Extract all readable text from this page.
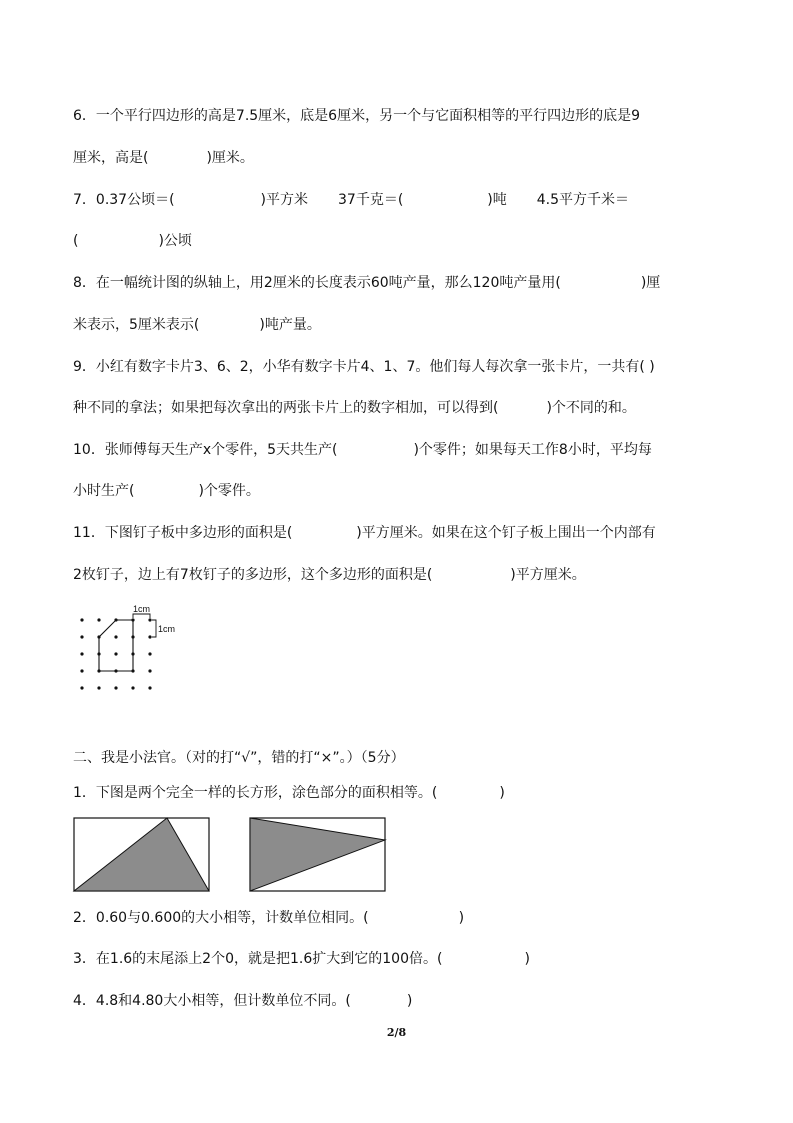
6．一个平行四边形的高是7.5厘米，底是6厘米，另一个与它面积相等的平行四边形的底是9
厘米，高是(	)厘米。
7．0.37公顷＝(	)平方米 37千克＝(	)吨 4.5平方千米＝
(	)公顷
8．在一幅统计图的纵轴上，用2厘米的长度表示60吨产量，那么120吨产量用(	)厘
米表示，5厘米表示(	)吨产量。
9．小红有数字卡片3、6、2，小华有数字卡片4、1、7。他们每人每次拿一张卡片，一共有( )
种不同的拿法；如果把每次拿出的两张卡片上的数字相加，可以得到(	)个不同的和。
10．张师傅每天生产x个零件，5天共生产(	)个零件；如果每天工作8小时，平均每
小时生产(	)个零件。
11．下图钉子板中多边形的面积是(	)平方厘米。如果在这个钉子板上围出一个内部有
2枚钉子，边上有7枚钉子的多边形，这个多边形的面积是(	)平方厘米。
1cm
1cm
二、我是小法官。（对的打“√”，错的打“×”。）（5分）
1．下图是两个完全一样的长方形，涂色部分的面积相等。(	)
2．0.60与0.600的大小相等，计数单位相同。(	)
3．在1.6的末尾添上2个0，就是把1.6扩大到它的100倍。(	)
4．4.8和4.80大小相等，但计数单位不同。(	)
2/8
